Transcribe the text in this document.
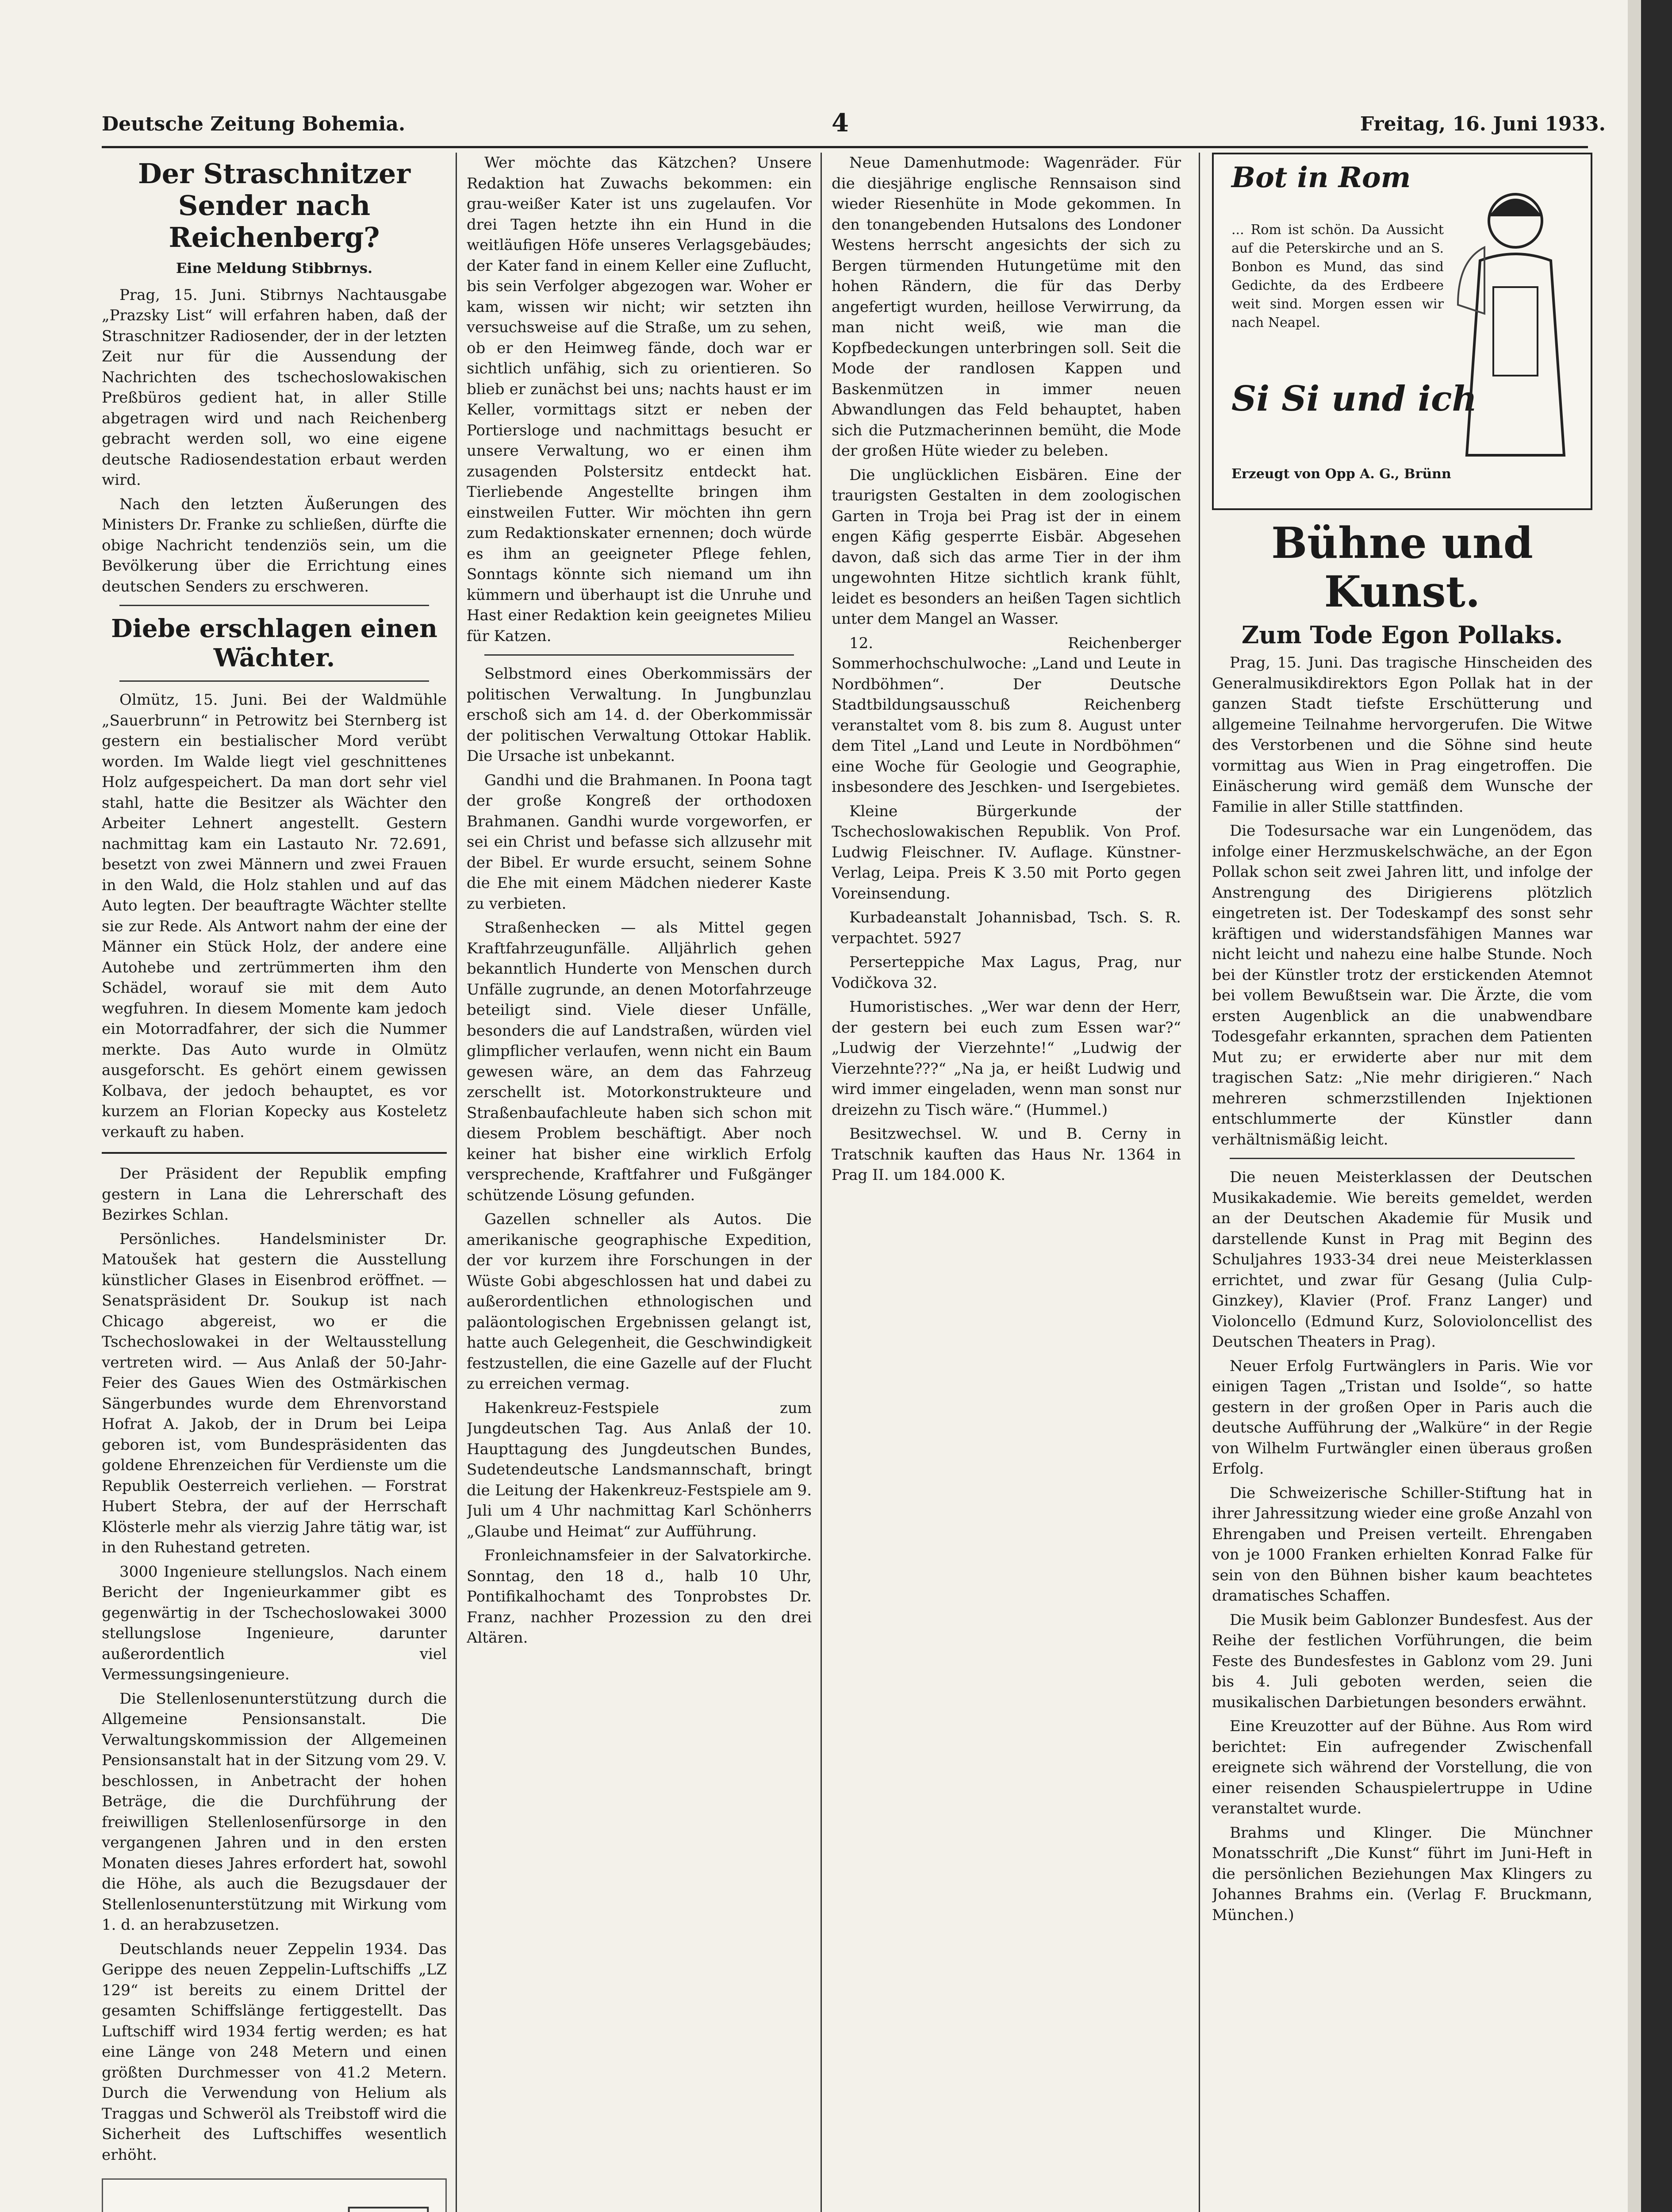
Deutsche Zeitung Bohemia.	4	Freitag, 16. Juni 1933.
Der Straschnitzer Sender nach Reichenberg?
Eine Meldung Stibbrnys.

Prag, 15. Juni. Stibrnys Nachtausgabe „Prazsky List“ will erfahren haben, daß der Straschnitzer Radiosender, der in der letzten Zeit nur für die Aussendung der Nachrichten des tschechoslowakischen Preßbüros gedient hat, in aller Stille abgetragen wird und nach Reichenberg gebracht werden soll, wo eine eigene deutsche Radiosendestation erbaut werden wird.

Nach den letzten Äußerungen des Ministers Dr. Franke zu schließen, dürfte die obige Nachricht tendenziös sein, um die Bevölkerung über die Errichtung eines deutschen Senders zu erschweren.

Diebe erschlagen einen Wächter.

Olmütz, 15. Juni. Bei der Waldmühle „Sauerbrunn“ in Petrowitz bei Sternberg ist gestern ein bestialischer Mord verübt worden. Im Walde liegt viel geschnittenes Holz aufgespeichert. Da man dort sehr viel stahl, hatte die Besitzer als Wächter den Arbeiter Lehnert angestellt. Gestern nachmittag kam ein Lastauto Nr. 72.691, besetzt von zwei Männern und zwei Frauen in den Wald, die Holz stahlen und auf das Auto legten. Der beauftragte Wächter stellte sie zur Rede. Als Antwort nahm der eine der Männer ein Stück Holz, der andere eine Autohebe und zertrümmerten ihm den Schädel, worauf sie mit dem Auto wegfuhren. In diesem Momente kam jedoch ein Motorradfahrer, der sich die Nummer merkte. Das Auto wurde in Olmütz ausgeforscht. Es gehört einem gewissen Kolbava, der jedoch behauptet, es vor kurzem an Florian Kopecky aus Kosteletz verkauft zu haben.

Der Präsident der Republik empfing gestern in Lana die Lehrerschaft des Bezirkes Schlan.

Persönliches. Handelsminister Dr. Matoušek hat gestern die Ausstellung künstlicher Glases in Eisenbrod eröffnet. — Senatspräsident Dr. Soukup ist nach Chicago abgereist, wo er die Tschechoslowakei in der Weltausstellung vertreten wird. — Aus Anlaß der 50-Jahr-Feier des Gaues Wien des Ostmärkischen Sängerbundes wurde dem Ehrenvorstand Hofrat A. Jakob, der in Drum bei Leipa geboren ist, vom Bundespräsidenten das goldene Ehrenzeichen für Verdienste um die Republik Oesterreich verliehen. — Forstrat Hubert Stebra, der auf der Herrschaft Klösterle mehr als vierzig Jahre tätig war, ist in den Ruhestand getreten.

3000 Ingenieure stellungslos. Nach einem Bericht der Ingenieurkammer gibt es gegenwärtig in der Tschechoslowakei 3000 stellungslose Ingenieure, darunter außerordentlich viel Vermessungsingenieure.

Die Stellenlosenunterstützung durch die Allgemeine Pensionsanstalt. Die Verwaltungskommission der Allgemeinen Pensionsanstalt hat in der Sitzung vom 29. V. beschlossen, in Anbetracht der hohen Beträge, die die Durchführung der freiwilligen Stellenlosenfürsorge in den vergangenen Jahren und in den ersten Monaten dieses Jahres erfordert hat, sowohl die Höhe, als auch die Bezugsdauer der Stellenlosenunterstützung mit Wirkung vom 1. d. an herabzusetzen.

Deutschlands neuer Zeppelin 1934. Das Gerippe des neuen Zeppelin-Luftschiffs „LZ 129“ ist bereits zu einem Drittel der gesamten Schiffslänge fertiggestellt. Das Luftschiff wird 1934 fertig werden; es hat eine Länge von 248 Metern und einen größten Durchmesser von 41.2 Metern. Durch die Verwendung von Helium als Traggas und Schweröl als Treibstoff wird die Sicherheit des Luftschiffes wesentlich erhöht.

Wer möchte das Kätzchen? Unsere Redaktion hat Zuwachs bekommen: ein grau-weißer Kater ist uns zugelaufen. Vor drei Tagen hetzte ihn ein Hund in die weitläufigen Höfe unseres Verlagsgebäudes; der Kater fand in einem Keller eine Zuflucht, bis sein Verfolger abgezogen war. Woher er kam, wissen wir nicht; wir setzten ihn versuchsweise auf die Straße, um zu sehen, ob er den Heimweg fände, doch war er sichtlich unfähig, sich zu orientieren. So blieb er zunächst bei uns; nachts haust er im Keller, vormittags sitzt er neben der Portiersloge und nachmittags besucht er unsere Verwaltung, wo er einen ihm zusagenden Polstersitz entdeckt hat. Tierliebende Angestellte bringen ihm einstweilen Futter. Wir möchten ihn gern zum Redaktionskater ernennen; doch würde es ihm an geeigneter Pflege fehlen, Sonntags könnte sich niemand um ihn kümmern und überhaupt ist die Unruhe und Hast einer Redaktion kein geeignetes Milieu für Katzen.

Selbstmord eines Oberkommissärs der politischen Verwaltung. In Jungbunzlau erschoß sich am 14. d. der Oberkommissär der politischen Verwaltung Ottokar Hablik. Die Ursache ist unbekannt.

Gandhi und die Brahmanen. In Poona tagt der große Kongreß der orthodoxen Brahmanen. Gandhi wurde vorgeworfen, er sei ein Christ und befasse sich allzusehr mit der Bibel. Er wurde ersucht, seinem Sohne die Ehe mit einem Mädchen niederer Kaste zu verbieten.

Straßenhecken — als Mittel gegen Kraftfahrzeugunfälle. Alljährlich gehen bekanntlich Hunderte von Menschen durch Unfälle zugrunde, an denen Motorfahrzeuge beteiligt sind. Viele dieser Unfälle, besonders die auf Landstraßen, würden viel glimpflicher verlaufen, wenn nicht ein Baum gewesen wäre, an dem das Fahrzeug zerschellt ist. Motorkonstrukteure und Straßenbaufachleute haben sich schon mit diesem Problem beschäftigt. Aber noch keiner hat bisher eine wirklich Erfolg versprechende, Kraftfahrer und Fußgänger schützende Lösung gefunden.

Gazellen schneller als Autos. Die amerikanische geographische Expedition, der vor kurzem ihre Forschungen in der Wüste Gobi abgeschlossen hat und dabei zu außerordentlichen ethnologischen und paläontologischen Ergebnissen gelangt ist, hatte auch Gelegenheit, die Geschwindigkeit festzustellen, die eine Gazelle auf der Flucht zu erreichen vermag.

Hakenkreuz-Festspiele zum Jungdeutschen Tag. Aus Anlaß der 10. Haupttagung des Jungdeutschen Bundes, Sudetendeutsche Landsmannschaft, bringt die Leitung der Hakenkreuz-Festspiele am 9. Juli um 4 Uhr nachmittag Karl Schönherrs „Glaube und Heimat“ zur Aufführung.

Fronleichnamsfeier in der Salvatorkirche. Sonntag, den 18 d., halb 10 Uhr, Pontifikalhochamt des Tonprobstes Dr. Franz, nachher Prozession zu den drei Altären.

Neue Damenhutmode: Wagenräder. Für die diesjährige englische Rennsaison sind wieder Riesenhüte in Mode gekommen. In den tonangebenden Hutsalons des Londoner Westens herrscht angesichts der sich zu Bergen türmenden Hutungetüme mit den hohen Rändern, die für das Derby angefertigt wurden, heillose Verwirrung, da man nicht weiß, wie man die Kopfbedeckungen unterbringen soll. Seit die Mode der randlosen Kappen und Baskenmützen in immer neuen Abwandlungen das Feld behauptet, haben sich die Putzmacherinnen bemüht, die Mode der großen Hüte wieder zu beleben.

Die unglücklichen Eisbären. Eine der traurigsten Gestalten in dem zoologischen Garten in Troja bei Prag ist der in einem engen Käfig gesperrte Eisbär. Abgesehen davon, daß sich das arme Tier in der ihm ungewohnten Hitze sichtlich krank fühlt, leidet es besonders an heißen Tagen sichtlich unter dem Mangel an Wasser.

12. Reichenberger Sommerhochschulwoche: „Land und Leute in Nordböhmen“. Der Deutsche Stadtbildungsausschuß Reichenberg veranstaltet vom 8. bis zum 8. August unter dem Titel „Land und Leute in Nordböhmen“ eine Woche für Geologie und Geographie, insbesondere des Jeschken- und Isergebietes.

Kleine Bürgerkunde der Tschechoslowakischen Republik. Von Prof. Ludwig Fleischner. IV. Auflage. Künstner-Verlag, Leipa. Preis K 3.50 mit Porto gegen Voreinsendung.

Kurbadeanstalt Johannisbad, Tsch. S. R. verpachtet. 5927

Perserteppiche Max Lagus, Prag, nur Vodičkova 32.

Humoristisches. „Wer war denn der Herr, der gestern bei euch zum Essen war?“ „Ludwig der Vierzehnte!“ „Ludwig der Vierzehnte???“ „Na ja, er heißt Ludwig und wird immer eingeladen, wenn man sonst nur dreizehn zu Tisch wäre.“ (Hummel.)

Besitzwechsel. W. und B. Cerny in Tratschnik kauften das Haus Nr. 1364 in Prag II. um 184.000 K.

Bot in Rom
... Rom ist schön. Da Aussicht auf die Peterskirche und an S. Bonbon es Mund, das sind Gedichte, da des Erdbeere weit sind. Morgen essen wir nach Neapel.
Si Si und ich
Erzeugt von Opp A. G., Brünn
Bühne und Kunst.
Zum Tode Egon Pollaks.

Prag, 15. Juni. Das tragische Hinscheiden des Generalmusikdirektors Egon Pollak hat in der ganzen Stadt tiefste Erschütterung und allgemeine Teilnahme hervorgerufen. Die Witwe des Verstorbenen und die Söhne sind heute vormittag aus Wien in Prag eingetroffen. Die Einäscherung wird gemäß dem Wunsche der Familie in aller Stille stattfinden.

Die Todesursache war ein Lungenödem, das infolge einer Herzmuskelschwäche, an der Egon Pollak schon seit zwei Jahren litt, und infolge der Anstrengung des Dirigierens plötzlich eingetreten ist. Der Todeskampf des sonst sehr kräftigen und widerstandsfähigen Mannes war nicht leicht und nahezu eine halbe Stunde. Noch bei der Künstler trotz der erstickenden Atemnot bei vollem Bewußtsein war. Die Ärzte, die vom ersten Augenblick an die unabwendbare Todesgefahr erkannten, sprachen dem Patienten Mut zu; er erwiderte aber nur mit dem tragischen Satz: „Nie mehr dirigieren.“ Nach mehreren schmerzstillenden Injektionen entschlummerte der Künstler dann verhältnismäßig leicht.

Die neuen Meisterklassen der Deutschen Musikakademie. Wie bereits gemeldet, werden an der Deutschen Akademie für Musik und darstellende Kunst in Prag mit Beginn des Schuljahres 1933-34 drei neue Meisterklassen errichtet, und zwar für Gesang (Julia Culp-Ginzkey), Klavier (Prof. Franz Langer) und Violoncello (Edmund Kurz, Solovioloncellist des Deutschen Theaters in Prag).

Neuer Erfolg Furtwänglers in Paris. Wie vor einigen Tagen „Tristan und Isolde“, so hatte gestern in der großen Oper in Paris auch die deutsche Aufführung der „Walküre“ in der Regie von Wilhelm Furtwängler einen überaus großen Erfolg.

Die Schweizerische Schiller-Stiftung hat in ihrer Jahressitzung wieder eine große Anzahl von Ehrengaben und Preisen verteilt. Ehrengaben von je 1000 Franken erhielten Konrad Falke für sein von den Bühnen bisher kaum beachtetes dramatisches Schaffen.

Die Musik beim Gablonzer Bundesfest. Aus der Reihe der festlichen Vorführungen, die beim Feste des Bundesfestes in Gablonz vom 29. Juni bis 4. Juli geboten werden, seien die musikalischen Darbietungen besonders erwähnt.

Eine Kreuzotter auf der Bühne. Aus Rom wird berichtet: Ein aufregender Zwischenfall ereignete sich während der Vorstellung, die von einer reisenden Schauspielertruppe in Udine veranstaltet wurde.

Brahms und Klinger. Die Münchner Monatsschrift „Die Kunst“ führt im Juni-Heft in die persönlichen Beziehungen Max Klingers zu Johannes Brahms ein. (Verlag F. Bruckmann, München.)
